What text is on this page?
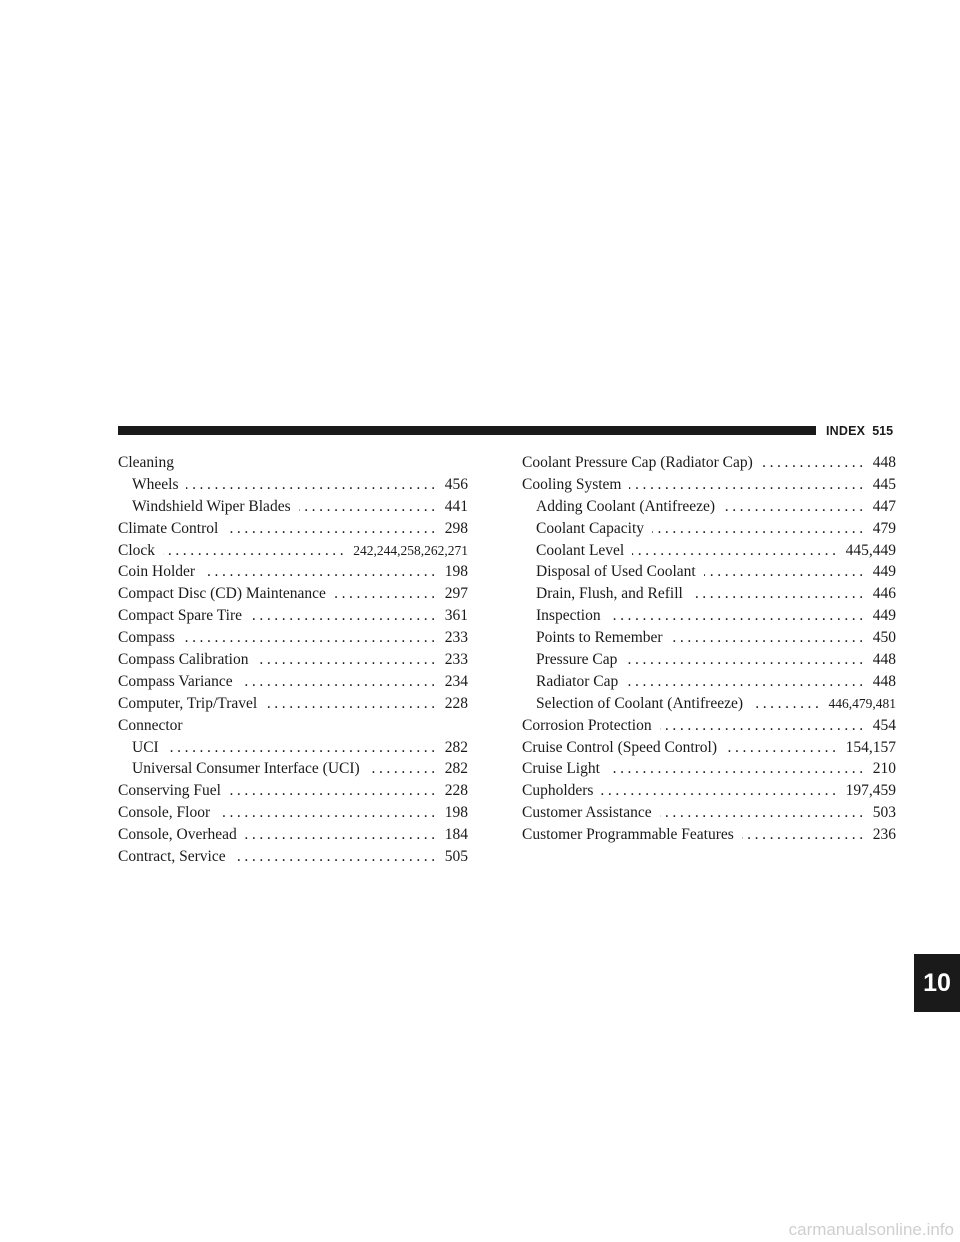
INDEX 515
Cleaning
Wheels .....	456
Windshield Wiper Blades .....	441
Climate Control .....	298
Clock .....	242,244,258,262,271
Coin Holder .....	198
Compact Disc (CD) Maintenance .....	297
Compact Spare Tire .....	361
Compass .....	233
Compass Calibration .....	233
Compass Variance .....	234
Computer, Trip/Travel .....	228
Connector
UCI .....	282
Universal Consumer Interface (UCI) .....	282
Conserving Fuel .....	228
Console, Floor .....	198
Console, Overhead .....	184
Contract, Service .....	505
Coolant Pressure Cap (Radiator Cap) .....	448
Cooling System .....	445
Adding Coolant (Antifreeze) .....	447
Coolant Capacity .....	479
Coolant Level .....	445,449
Disposal of Used Coolant .....	449
Drain, Flush, and Refill .....	446
Inspection .....	449
Points to Remember .....	450
Pressure Cap .....	448
Radiator Cap .....	448
Selection of Coolant (Antifreeze) .....	446,479,481
Corrosion Protection .....	454
Cruise Control (Speed Control) .....	154,157
Cruise Light .....	210
Cupholders .....	197,459
Customer Assistance .....	503
Customer Programmable Features .....	236
10
carmanualsonline.info
